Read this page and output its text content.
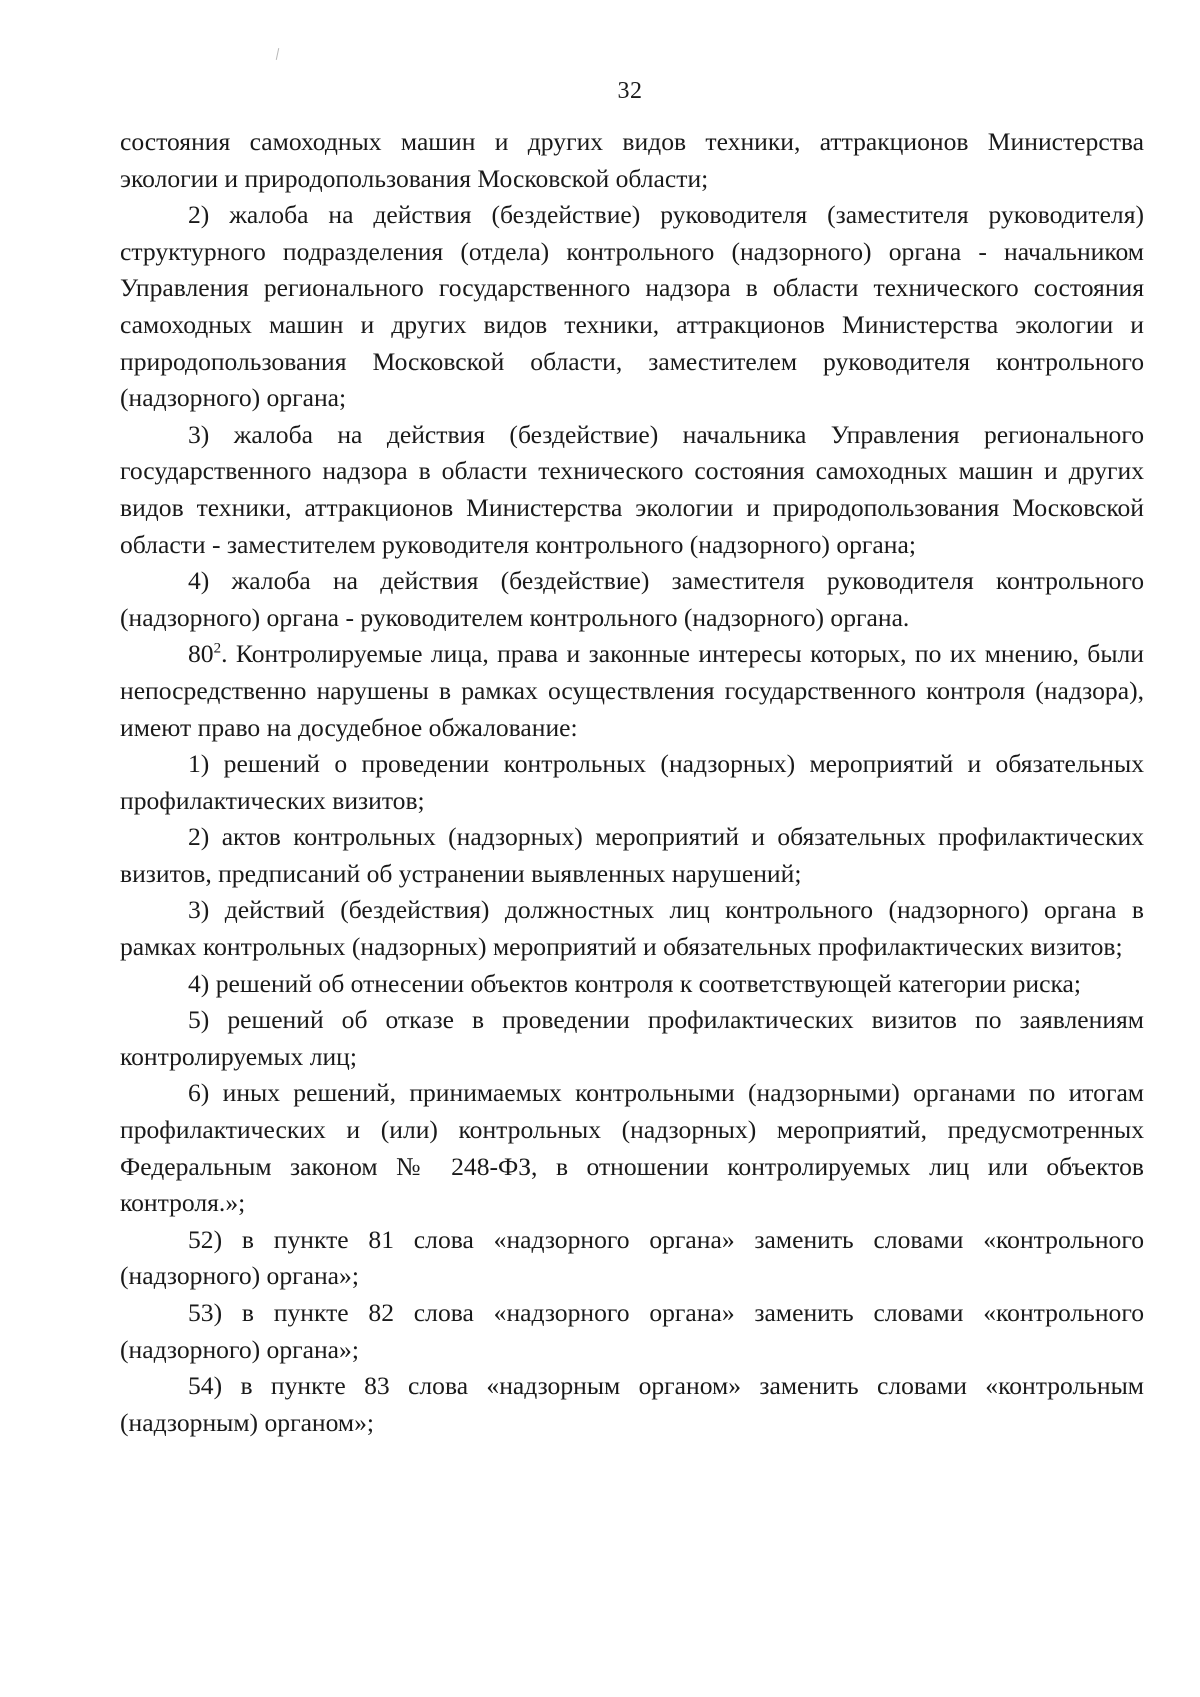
32

состояния самоходных машин и других видов техники, аттракционов Министерства экологии и природопользования Московской области;

2) жалоба на действия (бездействие) руководителя (заместителя руководителя) структурного подразделения (отдела) контрольного (надзорного) органа - начальником Управления регионального государственного надзора в области технического состояния самоходных машин и других видов техники, аттракционов Министерства экологии и природопользования Московской области, заместителем руководителя контрольного (надзорного) органа;

3) жалоба на действия (бездействие) начальника Управления регионального государственного надзора в области технического состояния самоходных машин и других видов техники, аттракционов Министерства экологии и природопользования Московской области - заместителем руководителя контрольного (надзорного) органа;

4) жалоба на действия (бездействие) заместителя руководителя контрольного (надзорного) органа - руководителем контрольного (надзорного) органа.

$80^2$. Контролируемые лица, права и законные интересы которых, по их мнению, были непосредственно нарушены в рамках осуществления государственного контроля (надзора), имеют право на досудебное обжалование:

1) решений о проведении контрольных (надзорных) мероприятий и обязательных профилактических визитов;

2) актов контрольных (надзорных) мероприятий и обязательных профилактических визитов, предписаний об устранении выявленных нарушений;

3) действий (бездействия) должностных лиц контрольного (надзорного) органа в рамках контрольных (надзорных) мероприятий и обязательных профилактических визитов;

4) решений об отнесении объектов контроля к соответствующей категории риска;

5) решений об отказе в проведении профилактических визитов по заявлениям контролируемых лиц;

6) иных решений, принимаемых контрольными (надзорными) органами по итогам профилактических и (или) контрольных (надзорных) мероприятий, предусмотренных Федеральным законом № 248-ФЗ, в отношении контролируемых лиц или объектов контроля.»;

52) в пункте 81 слова «надзорного органа» заменить словами «контрольного (надзорного) органа»;

53) в пункте 82 слова «надзорного органа» заменить словами «контрольного (надзорного) органа»;

54) в пункте 83 слова «надзорным органом» заменить словами «контрольным (надзорным) органом»;
